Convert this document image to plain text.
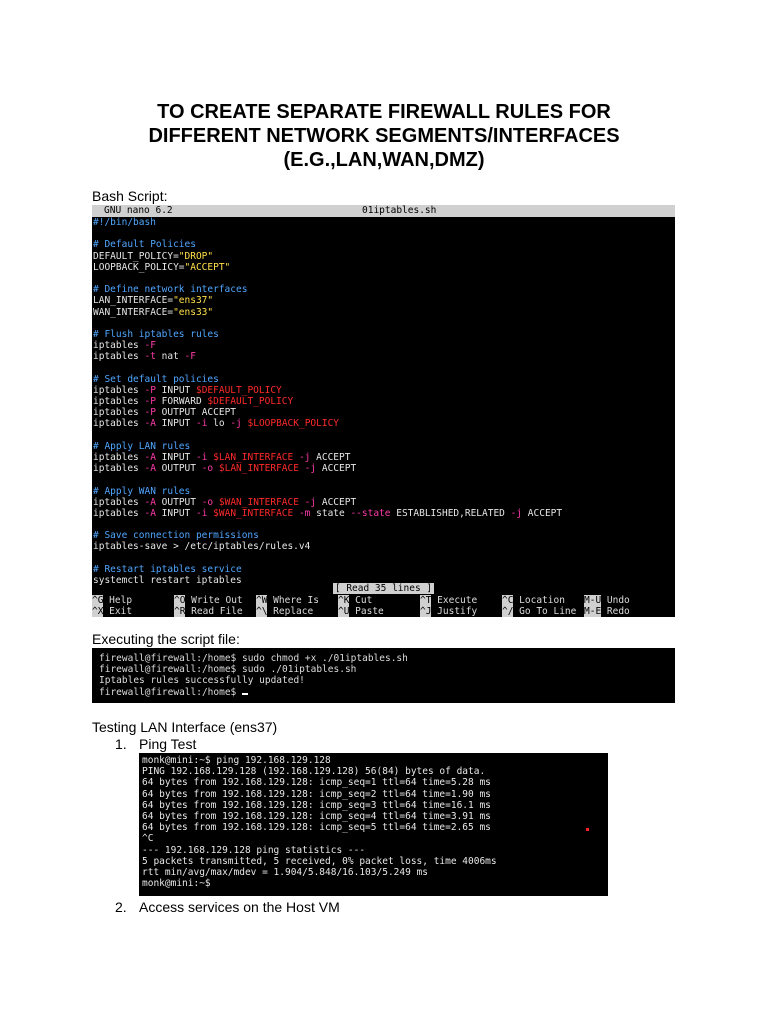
TO CREATE SEPARATE FIREWALL RULES FOR
DIFFERENT NETWORK SEGMENTS/INTERFACES
(E.G.,LAN,WAN,DMZ)
Bash Script:

GNU nano 6.2

	01iptables.sh

#!/bin/bash
# Default Policies
DEFAULT_POLICY="DROP"
LOOPBACK_POLICY="ACCEPT"
# Define network interfaces
LAN_INTERFACE="ens37"
WAN_INTERFACE="ens33"
# Flush iptables rules
iptables -F
iptables -t nat -F
# Set default policies
iptables -P INPUT $DEFAULT_POLICY
iptables -P FORWARD $DEFAULT_POLICY
iptables -P OUTPUT ACCEPT
iptables -A INPUT -i lo -j $LOOPBACK_POLICY
# Apply LAN rules
iptables -A INPUT -i $LAN_INTERFACE -j ACCEPT
iptables -A OUTPUT -o $LAN_INTERFACE -j ACCEPT
# Apply WAN rules
iptables -A OUTPUT -o $WAN_INTERFACE -j ACCEPT
iptables -A INPUT -i $WAN_INTERFACE -m state --state ESTABLISHED,RELATED -j ACCEPT
# Save connection permissions
iptables-save > /etc/iptables/rules.v4
# Restart iptables service
systemctl restart iptables
[ Read 35 lines ]
^G Help	^O Write Out ^W Where Is ^K Cut	^T Execute	^C Location M-U Undo
^X Exit	^R Read File ^\ Replace	^U Paste	^J Justify	^/ Go To Line M-E Redo
Executing the script file:
firewall@firewall:/home$ sudo chmod +x ./01iptables.sh
firewall@firewall:/home$ sudo ./01iptables.sh
Iptables rules successfully updated!
firewall@firewall:/home$
Testing LAN Interface (ens37)
1. Ping Test
monk@mini:~$ ping 192.168.129.128
PING 192.168.129.128 (192.168.129.128) 56(84) bytes of data.
64 bytes from 192.168.129.128: icmp_seq=1 ttl=64 time=5.28 ms
64 bytes from 192.168.129.128: icmp_seq=2 ttl=64 time=1.90 ms
64 bytes from 192.168.129.128: icmp_seq=3 ttl=64 time=16.1 ms
64 bytes from 192.168.129.128: icmp_seq=4 ttl=64 time=3.91 ms
64 bytes from 192.168.129.128: icmp_seq=5 ttl=64 time=2.65 ms
^C
--- 192.168.129.128 ping statistics ---
5 packets transmitted, 5 received, 0% packet loss, time 4006ms
rtt min/avg/max/mdev = 1.904/5.848/16.103/5.249 ms
monk@mini:~$
2. Access services on the Host VM
